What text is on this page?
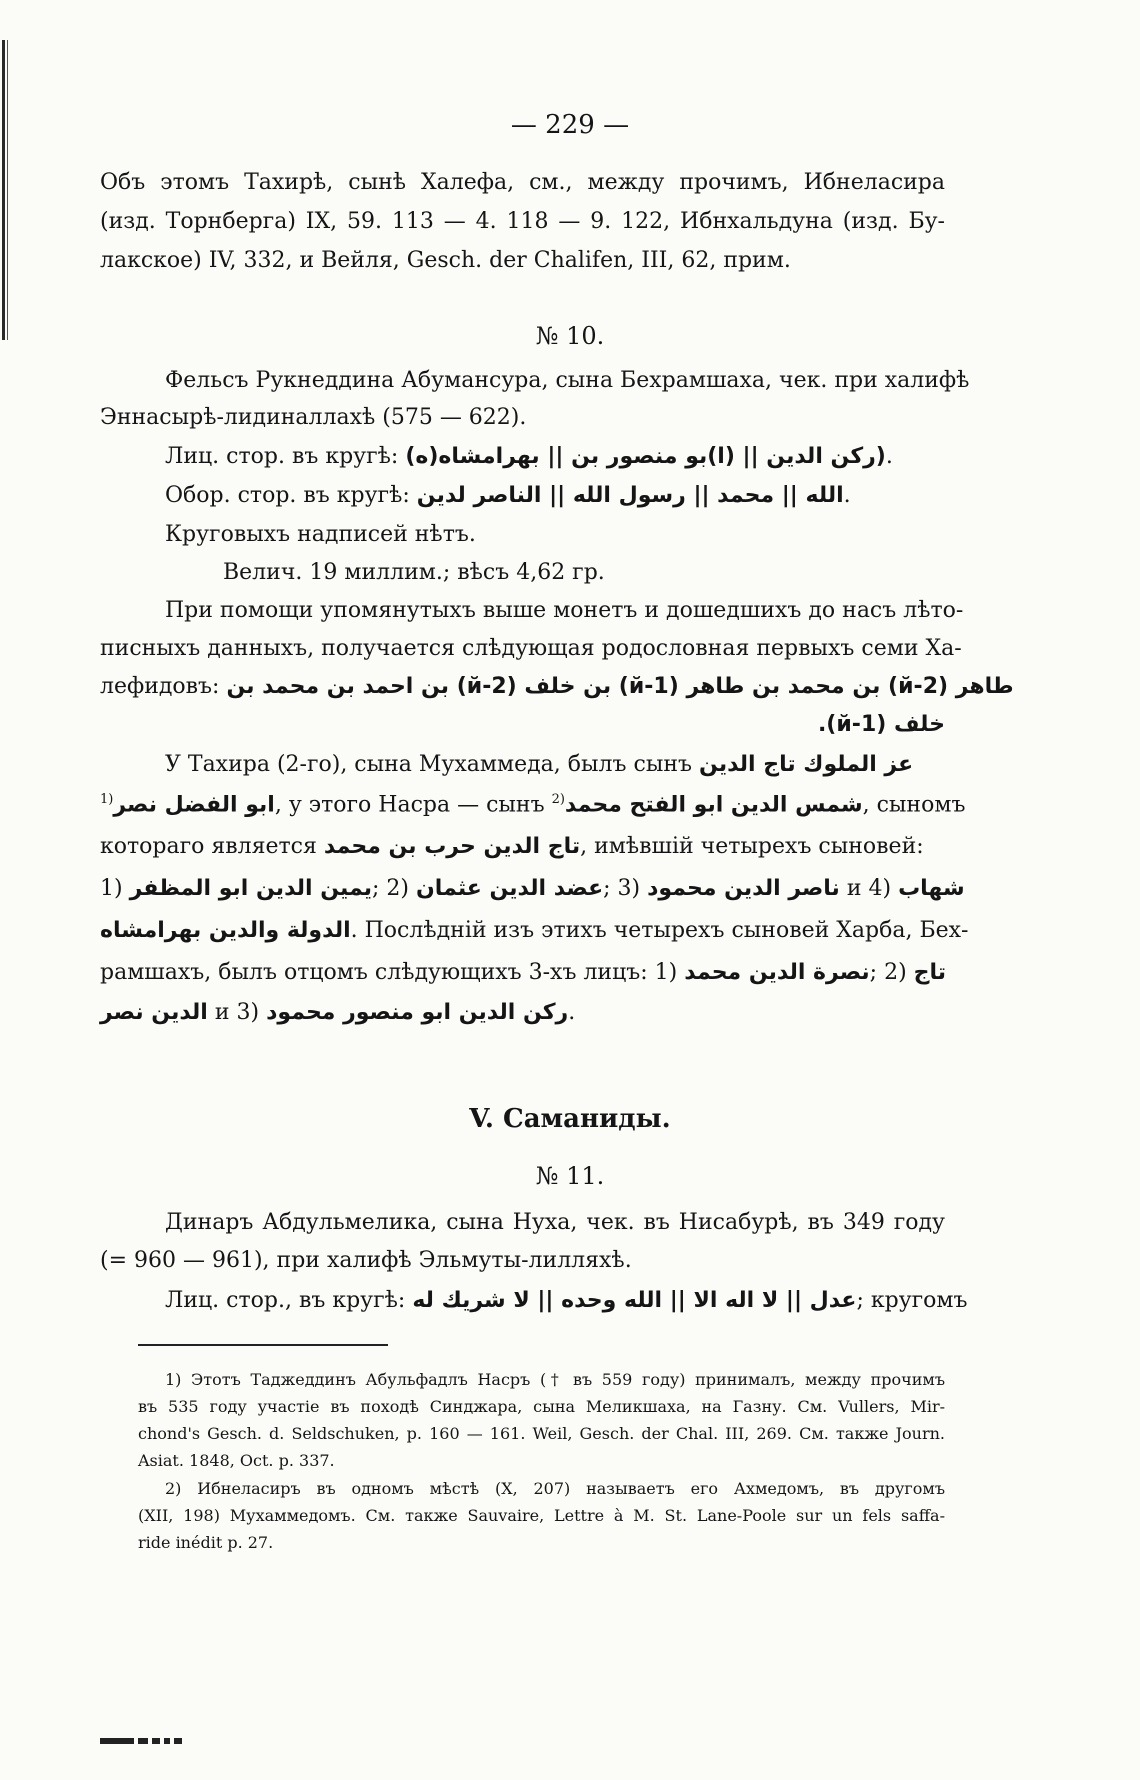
— 229 —
Объ этомъ Тахирѣ, сынѣ Халефа, см., между прочимъ, Ибнеласира
(изд. Торнберга) IX, 59. 113 — 4. 118 — 9. 122, Ибнхальдуна (изд. Бу-
лакское) IV, 332, и Вейля, Gesch. der Chalifen, III, 62, прим.
№ 10.
Фельсъ Рукнеддина Абумансура, сына Бехрамшаха, чек. при халифѣ
Эннасырѣ-лидиналлахѣ (575 — 622).
Лиц. стор. въ кругѣ: (ركن الدين || (ا)بو منصور بن || بهرامشاه(ه).
Обор. стор. въ кругѣ: الله || محمد || رسول الله || الناصر لدين.
Круговыхъ надписей нѣтъ.
Велич. 19 миллим.; вѣсъ 4,62 гр.
При помощи упомянутыхъ выше монетъ и дошедшихъ до насъ лѣто-
писныхъ данныхъ, получается слѣдующая родословная первыхъ семи Ха-
лефидовъ: طاهر (2-й) بن محمد بن طاهر (1-й) بن خلف (2-й) بن احمد بن محمد بن
خلف (1-й).
У Тахира (2-го), сына Мухаммеда, былъ сынъ عز الملوك تاج الدين
$^{1)}$ابو الفضل نصر, у этого Насра — сынъ $^{2)}$شمس الدين ابو الفتح محمد, сыномъ
котораго является تاج الدين حرب بن محمد, имѣвшій четырехъ сыновей:
1) يمين الدين ابو المظفر; 2) عضد الدين عثمان; 3) ناصر الدين محمود и 4) شهاب
الدولة والدين بهرامشاه. Послѣдній изъ этихъ четырехъ сыновей Харба, Бех-
рамшахъ, былъ отцомъ слѣдующихъ 3-хъ лицъ: 1) نصرة الدين محمد; 2) تاج
الدين نصر и 3) ركن الدين ابو منصور محمود.
V. Саманиды.
№ 11.
Динаръ Абдульмелика, сына Нуха, чек. въ Нисабурѣ, въ 349 году
(= 960 — 961), при халифѣ Эльмуты-лилляхѣ.
Лиц. стор., въ кругѣ: عدل || لا اله الا || الله وحده || لا شريك له; кругомъ
1) Этотъ Таджеддинъ Абульфадлъ Насръ († въ 559 году) принималъ, между прочимъ
въ 535 году участіе въ походѣ Синджара, сына Меликшаха, на Газну. См. Vullers, Mir-
chond's Gesch. d. Seldschuken, p. 160 — 161. Weil, Gesch. der Chal. III, 269. См. также Journ.
Asiat. 1848, Oct. p. 337.
2) Ибнеласиръ въ одномъ мѣстѣ (X, 207) называетъ его Ахмедомъ, въ другомъ
(XII, 198) Мухаммедомъ. См. также Sauvaire, Lettre à M. St. Lane-Poole sur un fels saffa-
ride inédit p. 27.
